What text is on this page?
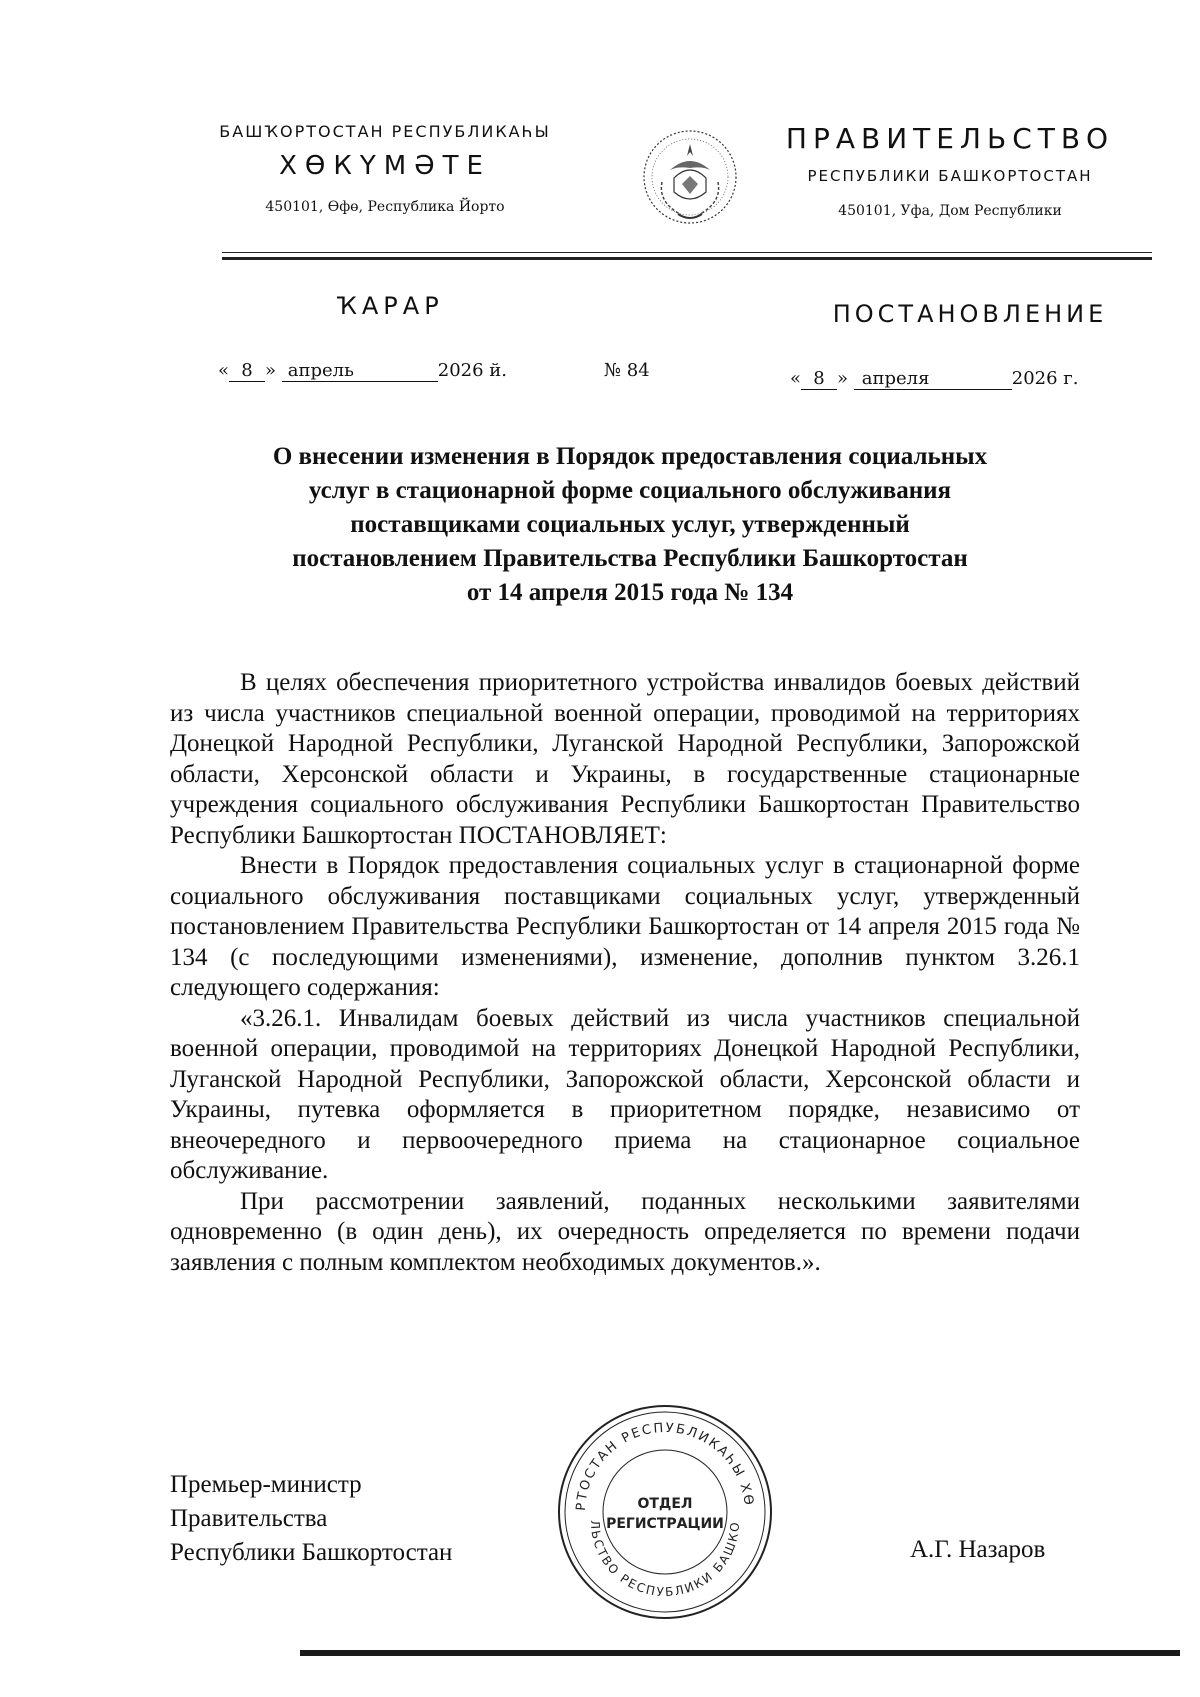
БАШҠОРТОСТАН РЕСПУБЛИКАҺЫ
ХӨКҮМӘТЕ
450101, Өфө, Республика Йорто
ПРАВИТЕЛЬСТВО
РЕСПУБЛИКИ БАШКОРТОСТАН
450101, Уфа, Дом Республики
ҠАРАР	ПОСТАНОВЛЕНИЕ
« 8 » апрель	2026 й.	№ 84	« 8 » апреля	2026 г.
О внесении изменения в Порядок предоставления социальных
услуг в стационарной форме социального обслуживания
поставщиками социальных услуг, утвержденный
постановлением Правительства Республики Башкортостан
от 14 апреля 2015 года № 134

В целях обеспечения приоритетного устройства инвалидов боевых действий из числа участников специальной военной операции, проводимой на территориях Донецкой Народной Республики, Луганской Народной Республики, Запорожской области, Херсонской области и Украины, в государственные стационарные учреждения социального обслуживания Республики Башкортостан Правительство Республики Башкортостан ПОСТАНОВЛЯЕТ:

Внести в Порядок предоставления социальных услуг в стационарной форме социального обслуживания поставщиками социальных услуг, утвержденный постановлением Правительства Республики Башкортостан от 14 апреля 2015 года № 134 (с последующими изменениями), изменение, дополнив пунктом 3.26.1 следующего содержания:

«3.26.1. Инвалидам боевых действий из числа участников специальной военной операции, проводимой на территориях Донецкой Народной Республики, Луганской Народной Республики, Запорожской области, Херсонской области и Украины, путевка оформляется в приоритетном порядке, независимо от внеочередного и первоочередного приема на стационарное социальное обслуживание.

При рассмотрении заявлений, поданных несколькими заявителями одновременно (в один день), их очередность определяется по времени подачи заявления с полным комплектом необходимых документов.».

Премьер-министр
Правительства
Республики Башкортостан	А.Г. Назаров
РТОСТАН РЕСПУБЛИКАҺЫ ХӨ
ЛЬСТВО РЕСПУБЛИКИ БАШКО
ОТДЕЛ
РЕГИСТРАЦИИ
